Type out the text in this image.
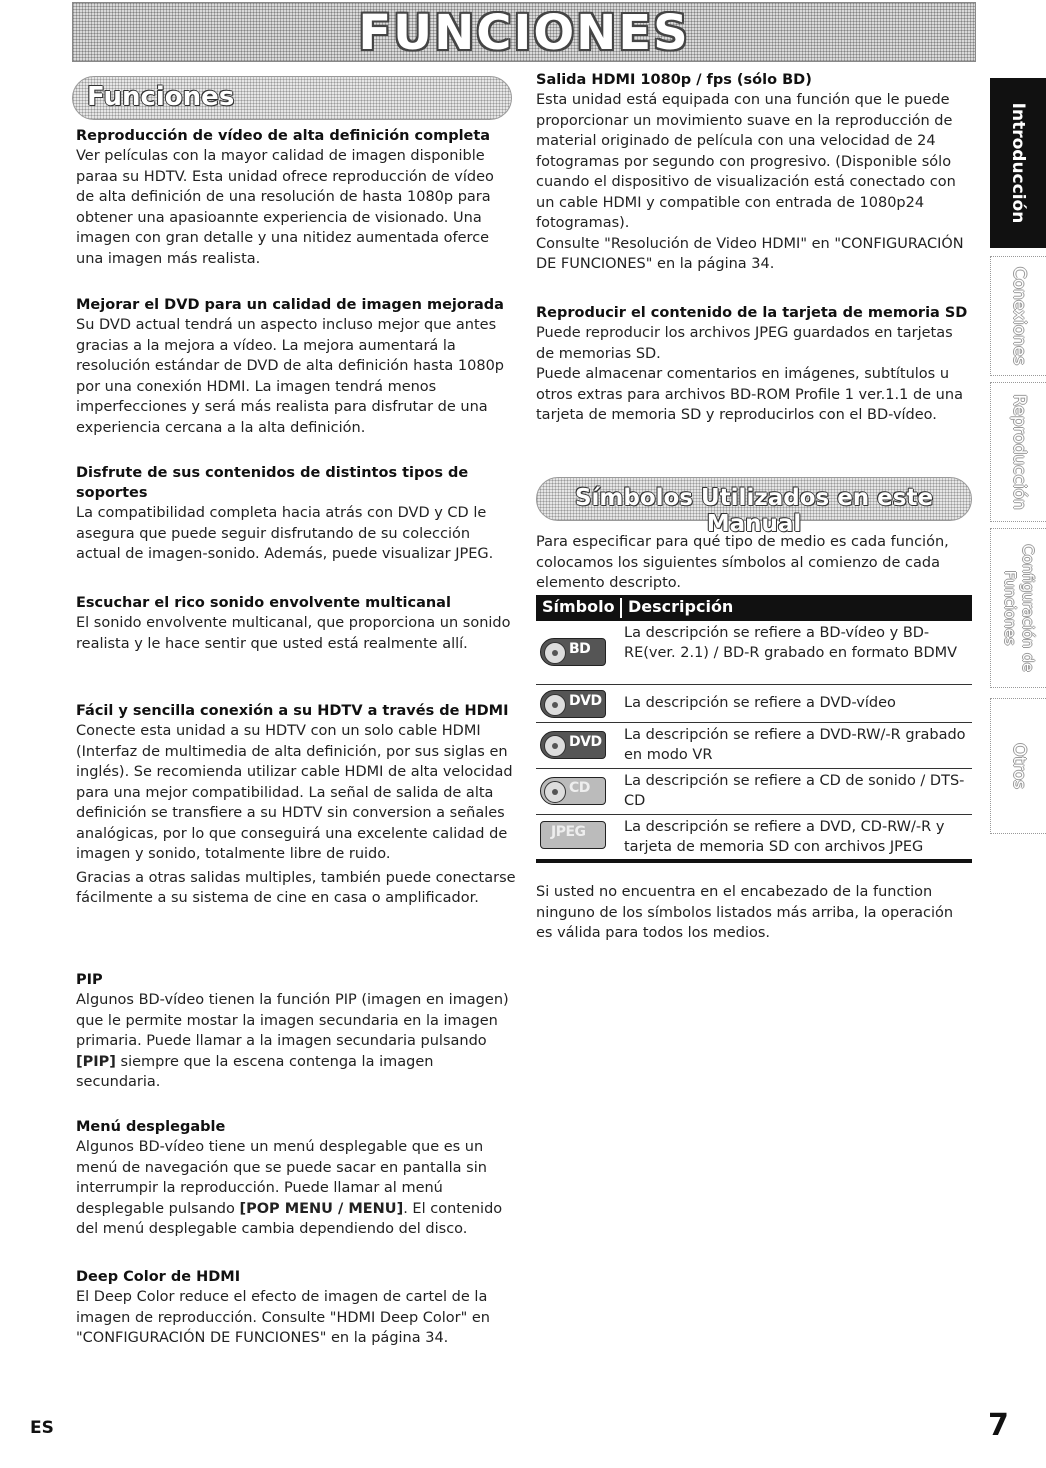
FUNCIONES
Funciones

Reproducción de vídeo de alta definición completa

Ver películas con la mayor calidad de imagen disponible paraa su HDTV. Esta unidad ofrece reproducción de vídeo de alta definición de una resolución de hasta 1080p para obtener una apasioannte experiencia de visionado. Una imagen con gran detalle y una nitidez aumentada oferce una imagen más realista.

Mejorar el DVD para un calidad de imagen mejorada

Su DVD actual tendrá un aspecto incluso mejor que antes gracias a la mejora a vídeo. La mejora aumentará la resolución estándar de DVD de alta definición hasta 1080p por una conexión HDMI. La imagen tendrá menos imperfecciones y será más realista para disfrutar de una experiencia cercana a la alta definición.

Disfrute de sus contenidos de distintos tipos de soportes

La compatibilidad completa hacia atrás con DVD y CD le asegura que puede seguir disfrutando de su colección actual de imagen-sonido. Además, puede visualizar JPEG.

Escuchar el rico sonido envolvente multicanal

El sonido envolvente multicanal, que proporciona un sonido realista y le hace sentir que usted está realmente allí.

Fácil y sencilla conexión a su HDTV a través de HDMI

Conecte esta unidad a su HDTV con un solo cable HDMI (Interfaz de multimedia de alta definición, por sus siglas en inglés). Se recomienda utilizar cable HDMI de alta velocidad para una mejor compatibilidad. La señal de salida de alta definición se transfiere a su HDTV sin conversion a señales analógicas, por lo que conseguirá una excelente calidad de imagen y sonido, totalmente libre de ruido.

Gracias a otras salidas multiples, también puede conectarse fácilmente a su sistema de cine en casa o amplificador.

PIP

Algunos BD-vídeo tienen la función PIP (imagen en imagen) que le permite mostar la imagen secundaria en la imagen primaria. Puede llamar a la imagen secundaria pulsando [PIP] siempre que la escena contenga la imagen secundaria.

Menú desplegable

Algunos BD-vídeo tiene un menú desplegable que es un menú de navegación que se puede sacar en pantalla sin interrumpir la reproducción. Puede llamar al menú desplegable pulsando [POP MENU / MENU]. El contenido del menú desplegable cambia dependiendo del disco.

Deep Color de HDMI

El Deep Color reduce el efecto de imagen de cartel de la imagen de reproducción. Consulte "HDMI Deep Color" en "CONFIGURACIÓN DE FUNCIONES" en la página 34.

Salida HDMI 1080p / fps (sólo BD)

Esta unidad está equipada con una función que le puede proporcionar un movimiento suave en la reproducción de material originado de película con una velocidad de 24 fotogramas por segundo con progresivo. (Disponible sólo cuando el dispositivo de visualización está conectado con un cable HDMI y compatible con entrada de 1080p24 fotogramas).

Consulte "Resolución de Video HDMI" en "CONFIGURACIÓN DE FUNCIONES" en la página 34.

Reproducir el contenido de la tarjeta de memoria SD

Puede reproducir los archivos JPEG guardados en tarjetas de memorias SD.

Puede almacenar comentarios en imágenes, subtítulos u otros extras para archivos BD-ROM Profile 1 ver.1.1 de una tarjeta de memoria SD y reproducirlos con el BD-vídeo.

Símbolos Utilizados en este Manual

Para especificar para qué tipo de medio es cada función, colocamos los siguientes símbolos al comienzo de cada elemento descripto.

Símbolo Descripción
BD
La descripción se refiere a BD-vídeo y BD-RE(ver. 2.1) / BD-R grabado en formato BDMV
DVD La descripción se refiere a DVD-vídeo
DVD La descripción se refiere a DVD-RW/-R grabado en modo VR
CD La descripción se refiere a CD de sonido / DTS-CD
JPEG	La descripción se refiere a DVD, CD-RW/-R y tarjeta de memoria SD con archivos JPEG

Si usted no encuentra en el encabezado de la function ninguno de los símbolos listados más arriba, la operación es válida para todos los medios.

Introducción
Conexiones
Reproducción
Configuración de Funciones
Otros
ES	7
